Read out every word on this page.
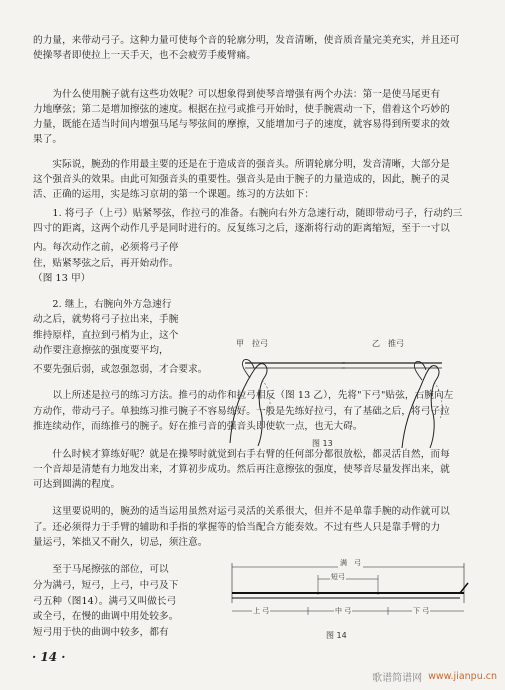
的力量，来带动弓子。这种力量可使每个音的轮廓分明，发音清晰，使音质音量完美充实，并且还可
使操琴者即使拉上一天手天，也不会疲劳手痠臂痛。
　　为什么使用腕子就有这些功效呢？可以想象得到使琴音增强有两个办法：第一是使马尾更有
力地摩弦；第二是增加擦弦的速度。根据在拉弓或推弓开始时，使手腕震动一下，借着这个巧妙的
力量，既能在适当时间内增强马尾与琴弦间的摩擦，又能增加弓子的速度，就容易得到所要求的效
果了。
　　实际说，腕劲的作用最主要的还是在于造成音的强音头。所谓轮廓分明，发音清晰，大部分是
这个强音头的效果。由此可知强音头的重要性。强音头是由于腕子的力量造成的，因此，腕子的灵
活、正确的运用，实是练习京胡的第一个课题。练习的方法如下：
　　1. 将弓子（上弓）贴紧琴弦，作拉弓的准备。右腕向右外方急速行动，随即带动弓子，行动约三
四寸的距离，这两个动作几乎是同时进行的。反复练习之后，逐渐将行动的距离缩短，至于一寸以
内。每次动作之前，必须将弓子停
住，贴紧琴弦之后，再开始动作。
（图 13 甲）
　　2. 继上，右腕向外方急速行
动之后，就势将弓子拉出来，手腕
维持原样，直拉到弓梢为止，这个
动作要注意擦弦的强度要平均，
不要先强后弱，或忽强忽弱，才合要求。
　　以上所述是拉弓的练习方法。推弓的动作和拉弓相反（图 13 乙），先将"下弓"贴弦，右腕向左
方动作，带动弓子。单独练习推弓腕子不容易练好。一般是先练好拉弓，有了基础之后，将弓子拉
推连续动作，而练推弓的腕子。好在推弓音的强音头即使软一点，也无大碍。
　　什么时候才算练好呢？就是在操琴时就觉到右手右臂的任何部分都很放松，都灵活自然，而每
一个音却是清楚有力地发出来，才算初步成功。然后再注意擦弦的强度，使琴音尽量发挥出来，就
可达到圆满的程度。
　　这里要说明的，腕劲的适当运用虽然对运弓灵活的关系很大，但并不是单靠手腕的动作就可以
了。还必须得力于手臂的辅助和手指的掌握等的恰当配合方能奏效。不过有些人只是靠手臂的力
量运弓，笨拙又不耐久，切忌，须注意。
　　至于马尾擦弦的部位，可以
分为满弓，短弓，上弓，中弓及下
弓五种（图14）。满弓又叫做长弓
或全弓，在慢的曲调中用处较多。
短弓用于快的曲调中较多，都有
甲　拉弓	乙　推弓
图 13
满　弓
短弓
上 弓	中 弓	下 弓
图 14
· 14 ·
歌谱简谱网 www.jianpu.cn
